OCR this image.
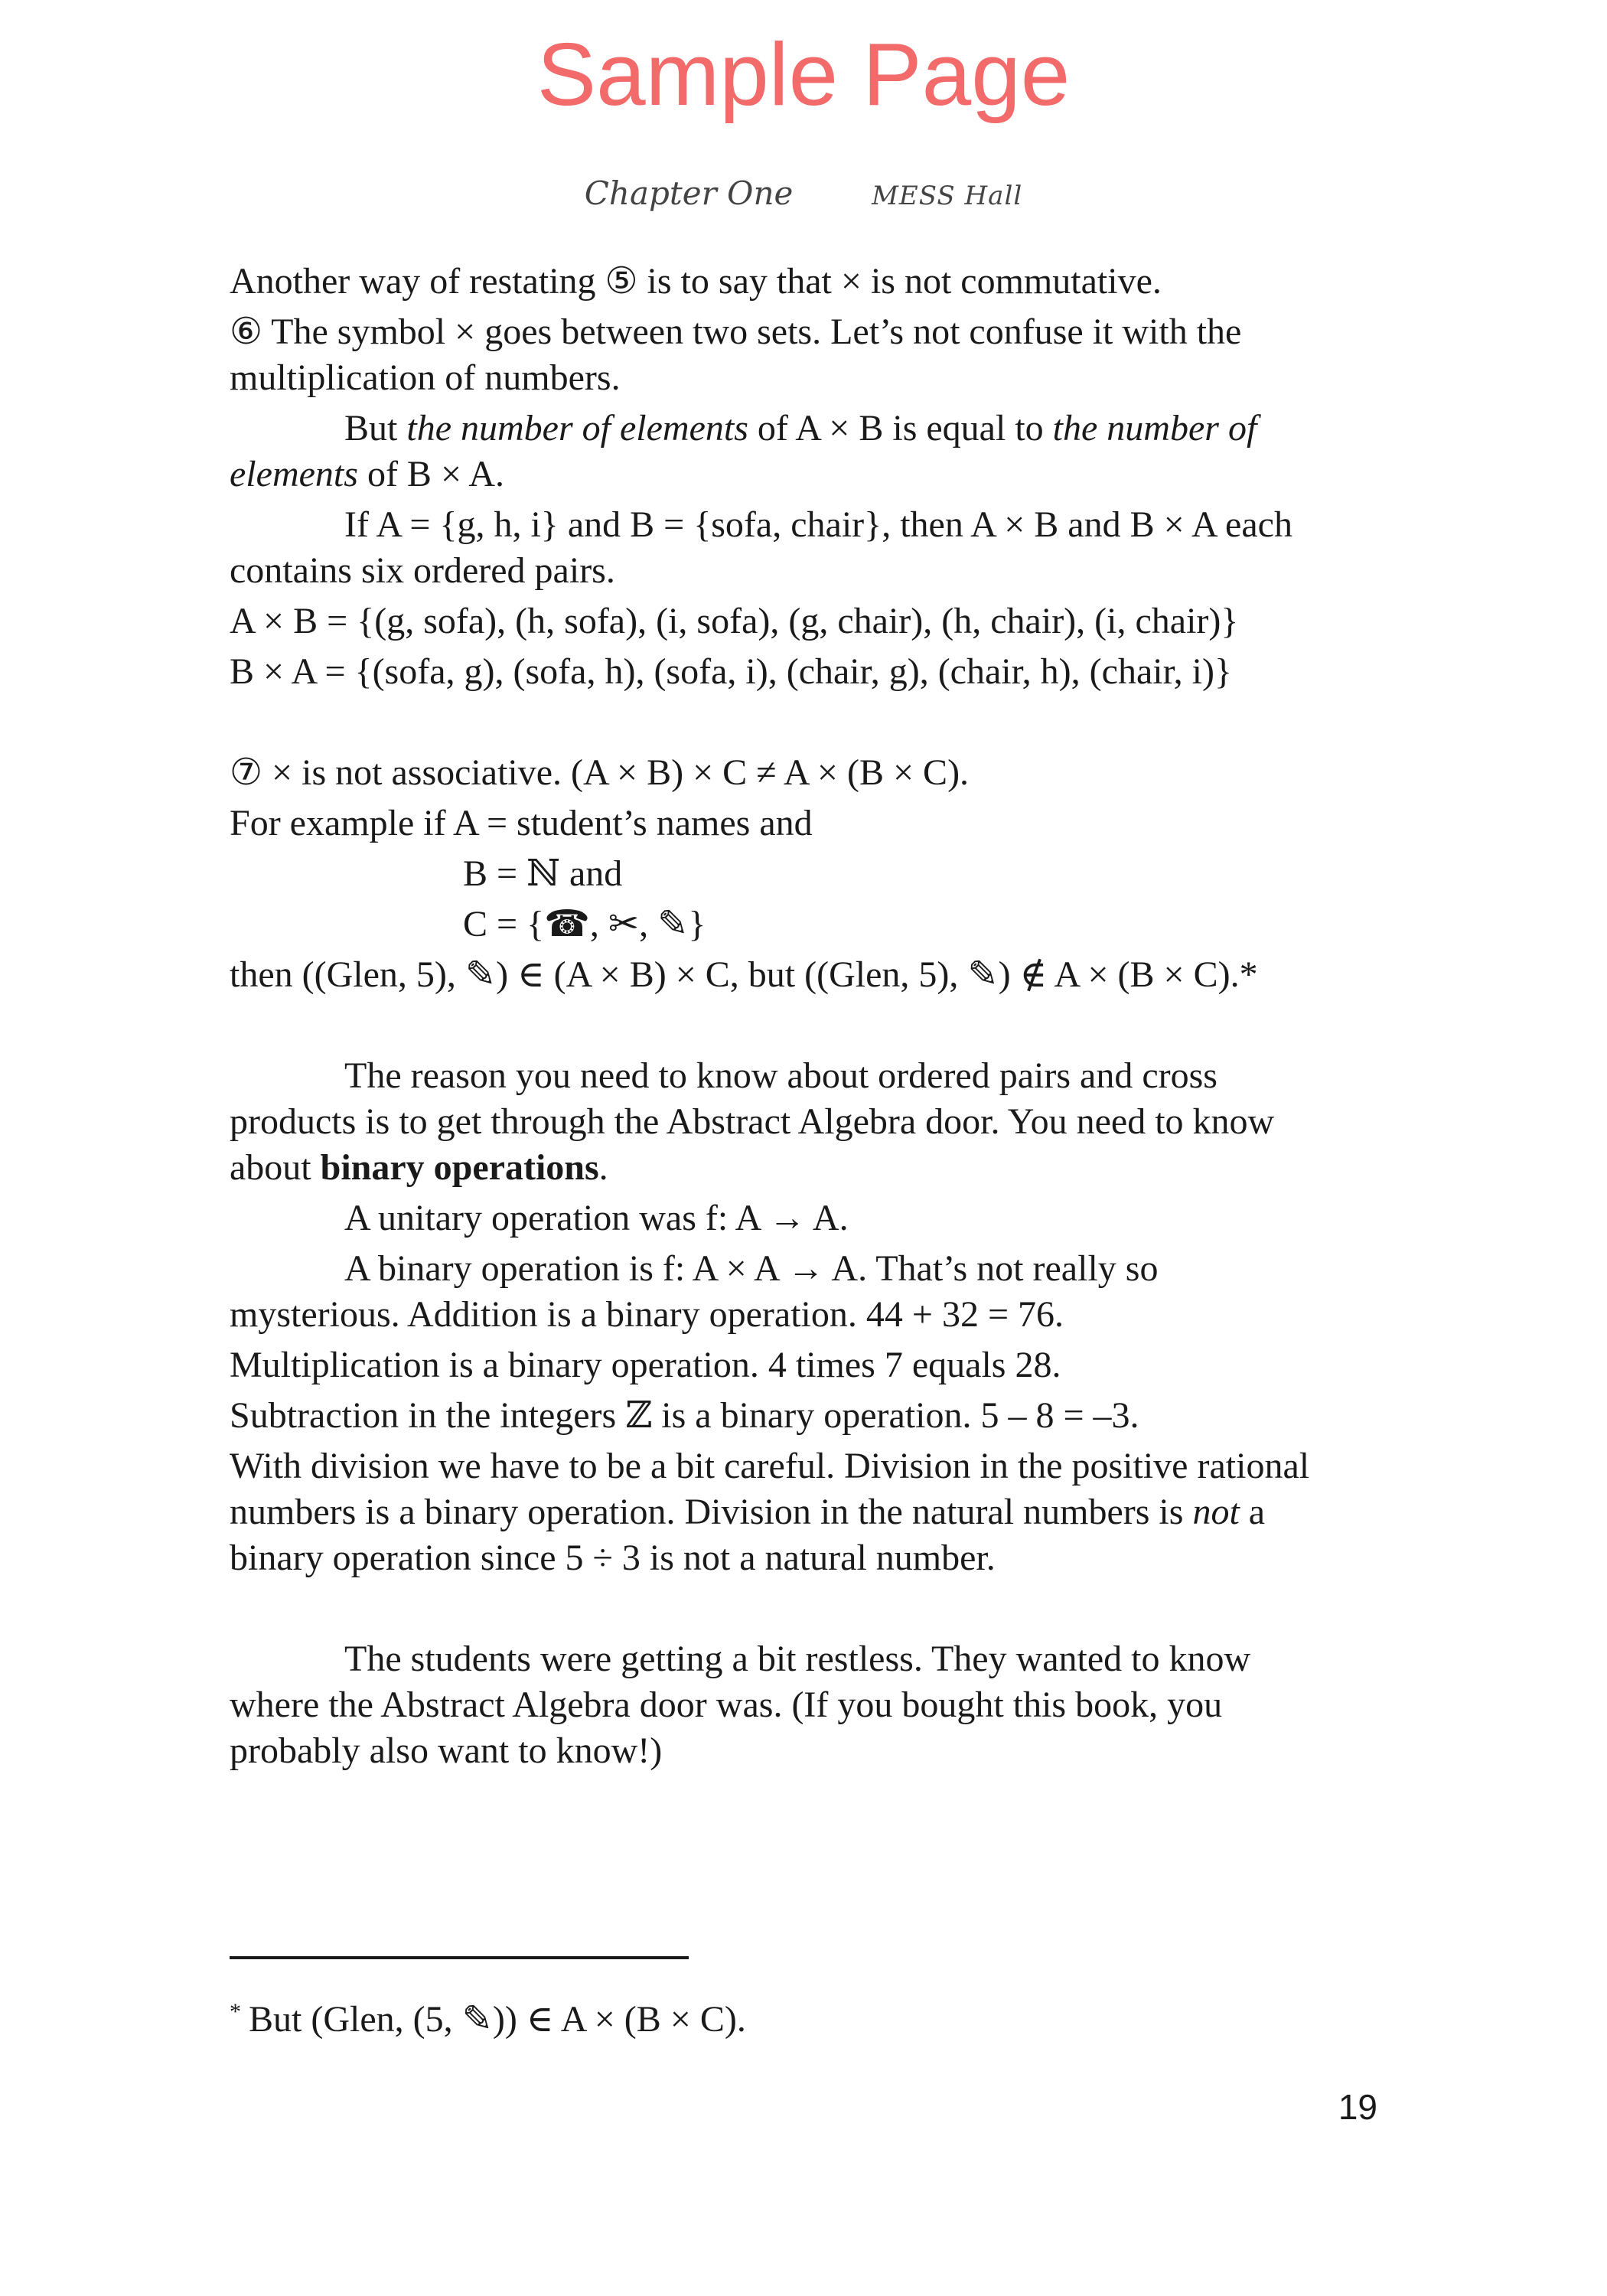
Sample Page
Chapter One	MESS Hall
Another way of restating ⑤ is to say that × is not commutative.
⑥ The symbol × goes between two sets. Let’s not confuse it with the
multiplication of numbers.
But the number of elements of A × B is equal to the number of
elements of B × A.
If A = {g, h, i} and B = {sofa, chair}, then A × B and B × A each
contains six ordered pairs.
A × B = {(g, sofa), (h, sofa), (i, sofa), (g, chair), (h, chair), (i, chair)}
B × A = {(sofa, g), (sofa, h), (sofa, i), (chair, g), (chair, h), (chair, i)}
⑦ × is not associative. (A × B) × C ≠ A × (B × C).
For example if A = student’s names and
B = ℕ and
C = {☎, ✂, ✎}
then ((Glen, 5), ✎) ∈ (A × B) × C, but ((Glen, 5), ✎) ∉ A × (B × C).*
The reason you need to know about ordered pairs and cross
products is to get through the Abstract Algebra door. You need to know
about binary operations.
A unitary operation was f: A → A.
A binary operation is f: A × A → A. That’s not really so
mysterious. Addition is a binary operation. 44 + 32 = 76.
Multiplication is a binary operation. 4 times 7 equals 28.
Subtraction in the integers ℤ is a binary operation. 5 – 8 = –3.
With division we have to be a bit careful. Division in the positive rational
numbers is a binary operation. Division in the natural numbers is not a
binary operation since 5 ÷ 3 is not a natural number.
The students were getting a bit restless. They wanted to know
where the Abstract Algebra door was. (If you bought this book, you
probably also want to know!)
* But (Glen, (5, ✎)) ∈ A × (B × C).
19
